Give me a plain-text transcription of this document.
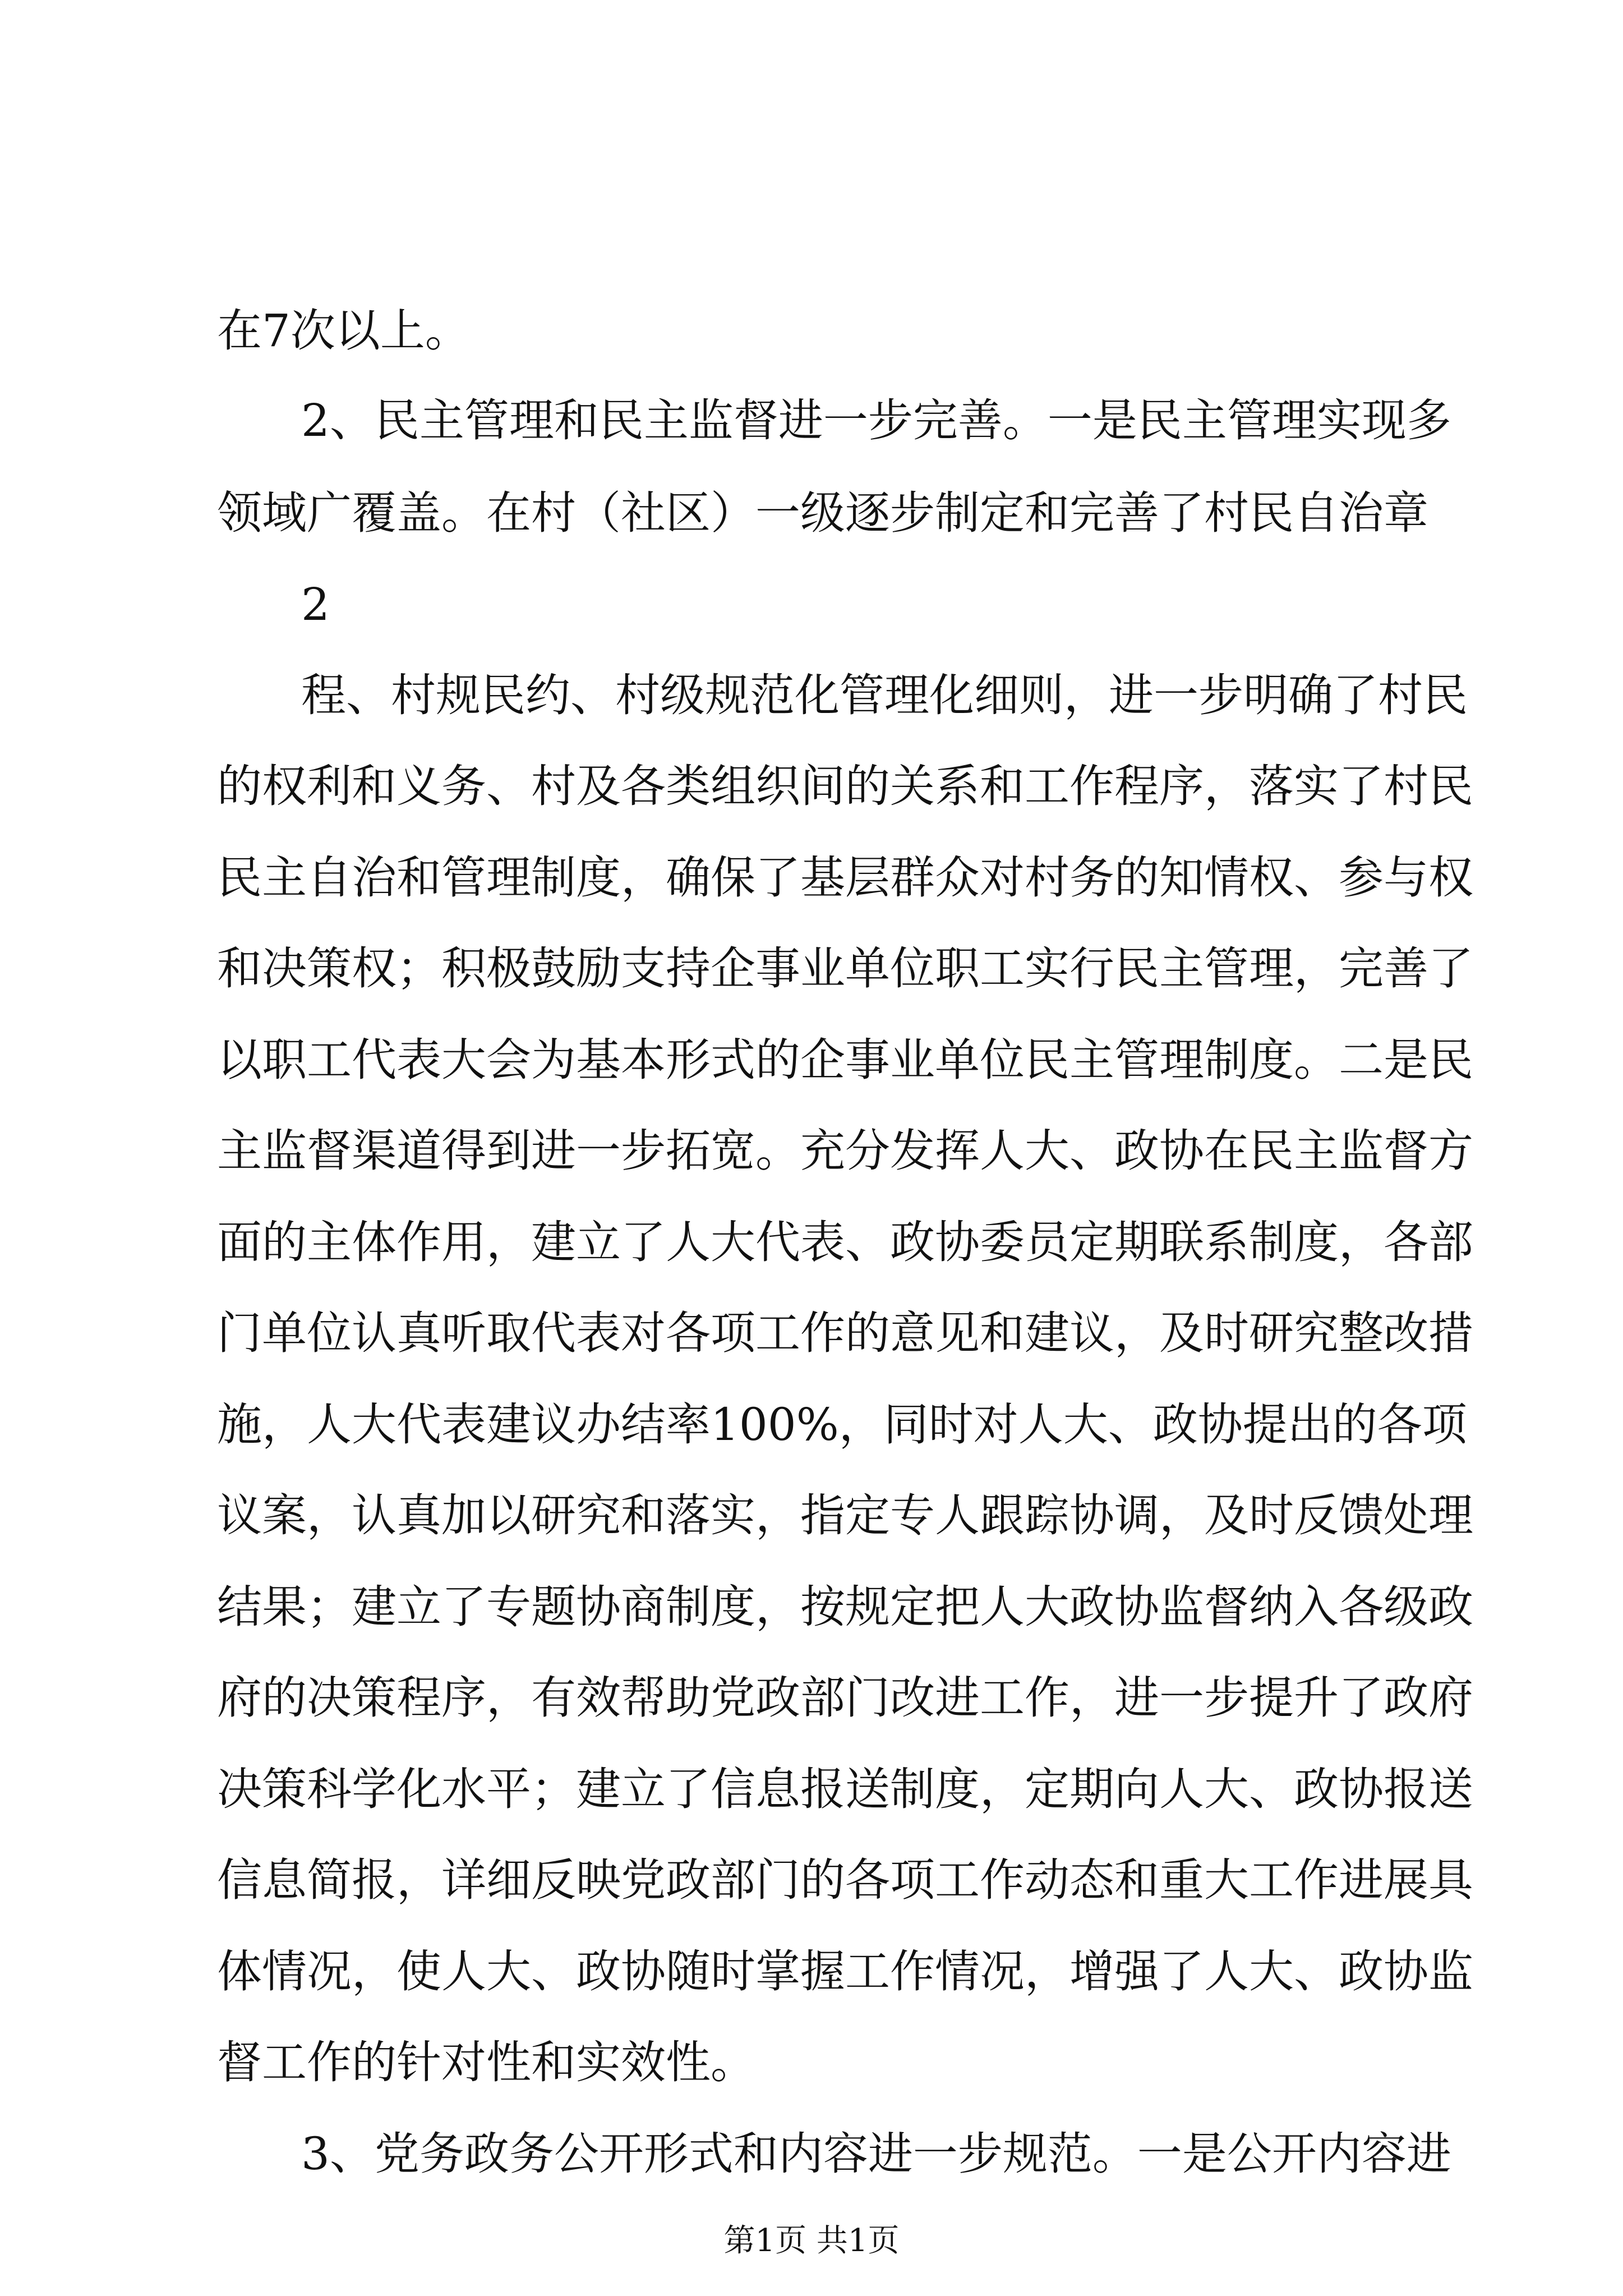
在7次以上。

2、民主管理和民主监督进一步完善。一是民主管理实现多

领域广覆盖。在村（社区）一级逐步制定和完善了村民自治章

2

程、村规民约、村级规范化管理化细则，进一步明确了村民

的权利和义务、村及各类组织间的关系和工作程序，落实了村民

民主自治和管理制度，确保了基层群众对村务的知情权、参与权

和决策权；积极鼓励支持企事业单位职工实行民主管理，完善了

以职工代表大会为基本形式的企事业单位民主管理制度。二是民

主监督渠道得到进一步拓宽。充分发挥人大、政协在民主监督方

面的主体作用，建立了人大代表、政协委员定期联系制度，各部

门单位认真听取代表对各项工作的意见和建议，及时研究整改措

施，人大代表建议办结率100%，同时对人大、政协提出的各项

议案，认真加以研究和落实，指定专人跟踪协调，及时反馈处理

结果；建立了专题协商制度，按规定把人大政协监督纳入各级政

府的决策程序，有效帮助党政部门改进工作，进一步提升了政府

决策科学化水平；建立了信息报送制度，定期向人大、政协报送

信息简报，详细反映党政部门的各项工作动态和重大工作进展具

体情况，使人大、政协随时掌握工作情况，增强了人大、政协监

督工作的针对性和实效性。

3、党务政务公开形式和内容进一步规范。一是公开内容进

第1页 共1页
